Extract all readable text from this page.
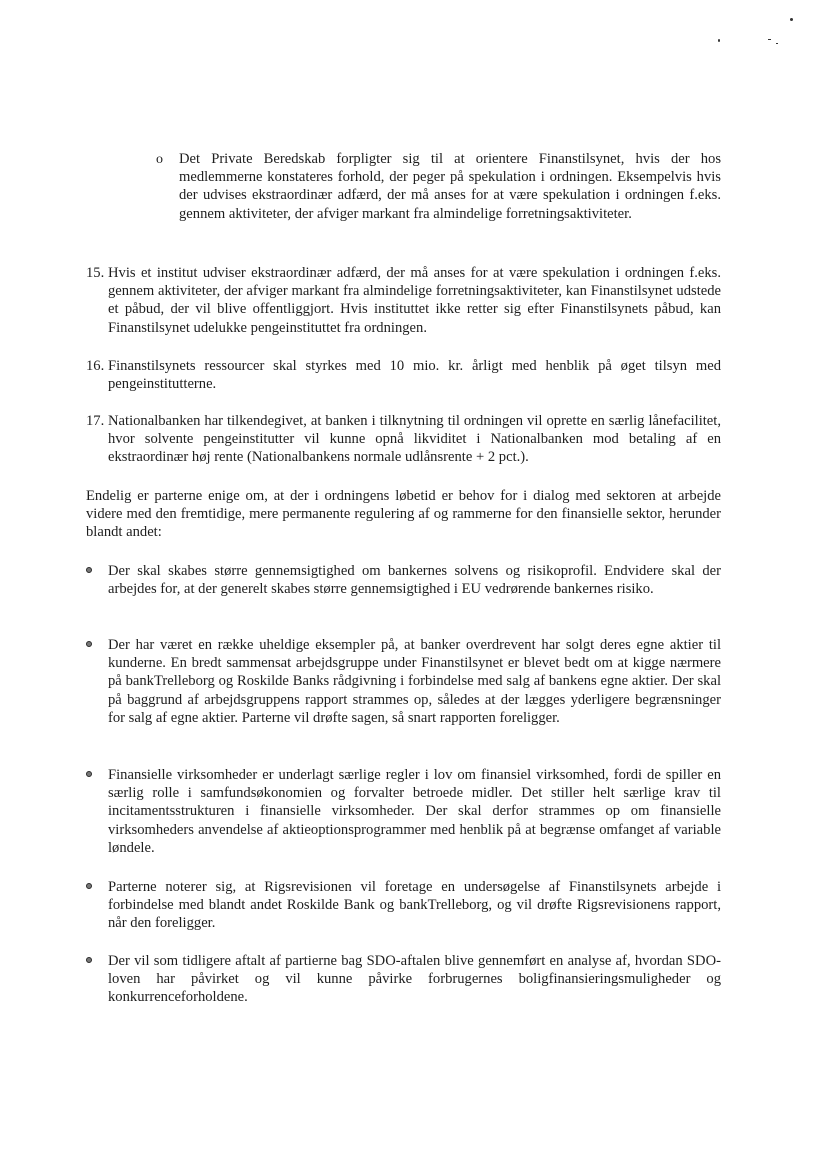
o Det Private Beredskab forpligter sig til at orientere Finanstilsynet, hvis der hos medlemmerne konstateres forhold, der peger på spekulation i ordningen. Eksempelvis hvis der udvises ekstraordinær adfærd, der må anses for at være spekulation i ordningen f.eks. gennem aktiviteter, der afviger markant fra almindelige forretningsaktiviteter.

15. Hvis et institut udviser ekstraordinær adfærd, der må anses for at være spekulation i ordningen f.eks. gennem aktiviteter, der afviger markant fra almindelige forretningsaktiviteter, kan Finanstilsynet udstede et påbud, der vil blive offentliggjort. Hvis instituttet ikke retter sig efter Finanstilsynets påbud, kan Finanstilsynet udelukke pengeinstituttet fra ordningen.

16. Finanstilsynets ressourcer skal styrkes med 10 mio. kr. årligt med henblik på øget tilsyn med pengeinstitutterne.

17. Nationalbanken har tilkendegivet, at banken i tilknytning til ordningen vil oprette en særlig lånefacilitet, hvor solvente pengeinstitutter vil kunne opnå likviditet i Nationalbanken mod betaling af en ekstraordinær høj rente (Nationalbankens normale udlånsrente + 2 pct.).

Endelig er parterne enige om, at der i ordningens løbetid er behov for i dialog med sektoren at arbejde videre med den fremtidige, mere permanente regulering af og rammerne for den finansielle sektor, herunder blandt andet:

Der skal skabes større gennemsigtighed om bankernes solvens og risikoprofil. Endvidere skal der arbejdes for, at der generelt skabes større gennemsigtighed i EU vedrørende bankernes risiko.

Der har været en række uheldige eksempler på, at banker overdrevent har solgt deres egne aktier til kunderne. En bredt sammensat arbejdsgruppe under Finanstilsynet er blevet bedt om at kigge nærmere på bankTrelleborg og Roskilde Banks rådgivning i forbindelse med salg af bankens egne aktier. Der skal på baggrund af arbejdsgruppens rapport strammes op, således at der lægges yderligere begrænsninger for salg af egne aktier. Parterne vil drøfte sagen, så snart rapporten foreligger.

Finansielle virksomheder er underlagt særlige regler i lov om finansiel virksomhed, fordi de spiller en særlig rolle i samfundsøkonomien og forvalter betroede midler. Det stiller helt særlige krav til incitamentsstrukturen i finansielle virksomheder. Der skal derfor strammes op om finansielle virksomheders anvendelse af aktieoptionsprogrammer med henblik på at begrænse omfanget af variable løndele.

Parterne noterer sig, at Rigsrevisionen vil foretage en undersøgelse af Finanstilsynets arbejde i forbindelse med blandt andet Roskilde Bank og bankTrelleborg, og vil drøfte Rigsrevisionens rapport, når den foreligger.

Der vil som tidligere aftalt af partierne bag SDO-aftalen blive gennemført en analyse af, hvordan SDO-loven har påvirket og vil kunne påvirke forbrugernes boligfinansieringsmuligheder og konkurrenceforholdene.
